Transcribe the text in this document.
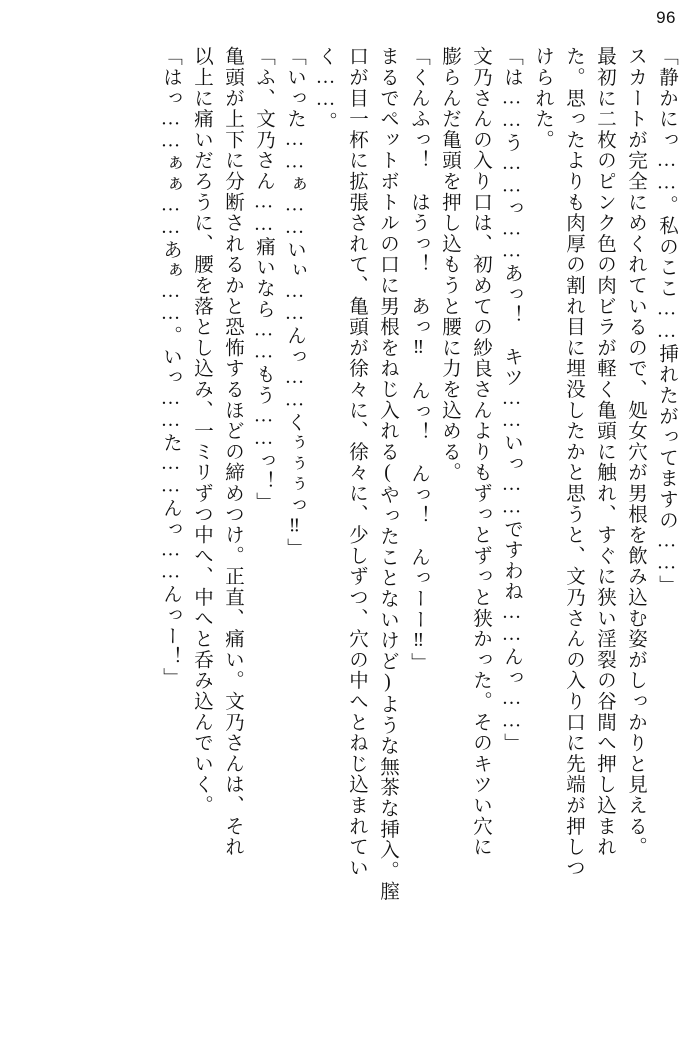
96
「静かにっ……。私のここ……挿れたがってますの……」
スカートが完全にめくれているので、処女穴が男根を飲み込む姿がしっかりと見える。
最初に二枚のピンク色の肉ビラが軽く亀頭に触れ、すぐに狭い淫裂の谷間へ押し込まれ
た。思ったよりも肉厚の割れ目に埋没したかと思うと、文乃さんの入り口に先端が押しつ
けられた。
「は……う……っ……あっ！　キツ……いっ……ですわね……んっ……」
文乃さんの入り口は、初めての紗良さんよりもずっとずっと狭かった。そのキツい穴に
膨らんだ亀頭を押し込もうと腰に力を込める。
「くんふっ！　はうっ！　あっ‼　んっ！　んっ！　んっーー‼」
まるでペットボトルの口に男根をねじ入れる(やったことないけど)ような無茶な挿入。膣
口が目一杯に拡張されて、亀頭が徐々に、徐々に、少しずつ、穴の中へとねじ込まれてい
く……。
「いった……ぁ……いぃ……んっ……くぅぅぅっ‼」
「ふ、文乃さん……痛いなら……もう……っ！」
亀頭が上下に分断されるかと恐怖するほどの締めつけ。正直、痛い。文乃さんは、それ
以上に痛いだろうに、腰を落とし込み、一ミリずつ中へ、中へと呑み込んでいく。
「はっ……ぁぁ……あぁ……。いっ……た……んっ……んっー！」
